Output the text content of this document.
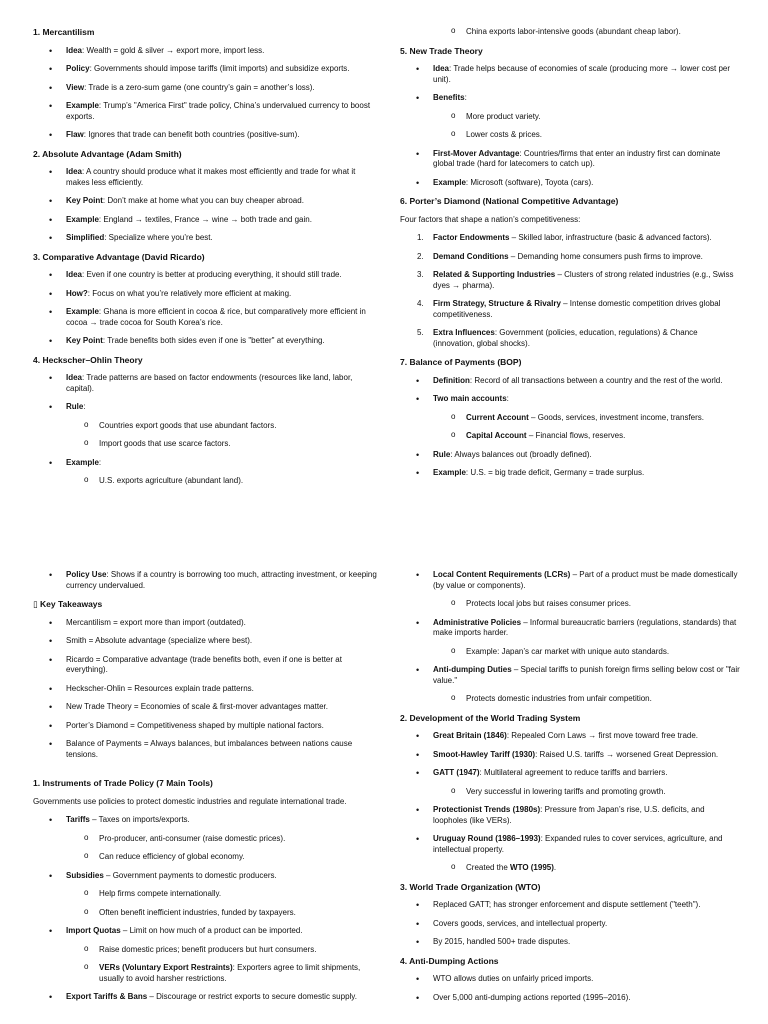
1. Mercantilism
• Idea: Wealth = gold & silver → export more, import less.
• Policy: Governments should impose tariffs (limit imports) and subsidize exports.
• View: Trade is a zero-sum game (one country’s gain = another’s loss).
• Example: Trump’s "America First" trade policy, China’s undervalued currency to boost exports.
• Flaw: Ignores that trade can benefit both countries (positive-sum).
2. Absolute Advantage (Adam Smith)
• Idea: A country should produce what it makes most efficiently and trade for what it makes less efficiently.
• Key Point: Don’t make at home what you can buy cheaper abroad.
• Example: England → textiles, France → wine → both trade and gain.
• Simplified: Specialize where you’re best.
3. Comparative Advantage (David Ricardo)
• Idea: Even if one country is better at producing everything, it should still trade.
• How?: Focus on what you’re relatively more efficient at making.
• Example: Ghana is more efficient in cocoa & rice, but comparatively more efficient in cocoa → trade cocoa for South Korea’s rice.
• Key Point: Trade benefits both sides even if one is "better" at everything.
4. Heckscher–Ohlin Theory
• Idea: Trade patterns are based on factor endowments (resources like land, labor, capital).
• Rule:
o Countries export goods that use abundant factors.
o Import goods that use scarce factors.
• Example:
o U.S. exports agriculture (abundant land).
o China exports labor-intensive goods (abundant cheap labor).
5. New Trade Theory
• Idea: Trade helps because of economies of scale (producing more → lower cost per unit).
• Benefits:
o More product variety.
o Lower costs & prices.
• First-Mover Advantage: Countries/firms that enter an industry first can dominate global trade (hard for latecomers to catch up).
• Example: Microsoft (software), Toyota (cars).
6. Porter’s Diamond (National Competitive Advantage)
Four factors that shape a nation’s competitiveness:
1. Factor Endowments – Skilled labor, infrastructure (basic & advanced factors).
2. Demand Conditions – Demanding home consumers push firms to improve.
3. Related & Supporting Industries – Clusters of strong related industries (e.g., Swiss dyes → pharma).
4. Firm Strategy, Structure & Rivalry – Intense domestic competition drives global competitiveness.
5. Extra Influences: Government (policies, education, regulations) & Chance (innovation, global shocks).
7. Balance of Payments (BOP)
• Definition: Record of all transactions between a country and the rest of the world.
• Two main accounts:
o Current Account – Goods, services, investment income, transfers.
o Capital Account – Financial flows, reserves.
• Rule: Always balances out (broadly defined).
• Example: U.S. = big trade deficit, Germany = trade surplus.
• Policy Use: Shows if a country is borrowing too much, attracting investment, or keeping currency undervalued.
▯ Key Takeaways
• Mercantilism = export more than import (outdated).
• Smith = Absolute advantage (specialize where best).
• Ricardo = Comparative advantage (trade benefits both, even if one is better at everything).
• Heckscher-Ohlin = Resources explain trade patterns.
• New Trade Theory = Economies of scale & first-mover advantages matter.
• Porter’s Diamond = Competitiveness shaped by multiple national factors.
• Balance of Payments = Always balances, but imbalances between nations cause tensions.
1. Instruments of Trade Policy (7 Main Tools)
Governments use policies to protect domestic industries and regulate international trade.
• Tariffs – Taxes on imports/exports.
o Pro-producer, anti-consumer (raise domestic prices).
o Can reduce efficiency of global economy.
• Subsidies – Government payments to domestic producers.
o Help firms compete internationally.
o Often benefit inefficient industries, funded by taxpayers.
• Import Quotas – Limit on how much of a product can be imported.
o Raise domestic prices; benefit producers but hurt consumers.
o VERs (Voluntary Export Restraints): Exporters agree to limit shipments, usually to avoid harsher restrictions.
• Export Tariffs & Bans – Discourage or restrict exports to secure domestic supply.
• Local Content Requirements (LCRs) – Part of a product must be made domestically (by value or components).
o Protects local jobs but raises consumer prices.
• Administrative Policies – Informal bureaucratic barriers (regulations, standards) that make imports harder.
o Example: Japan’s car market with unique auto standards.
• Anti-dumping Duties – Special tariffs to punish foreign firms selling below cost or "fair value."
o Protects domestic industries from unfair competition.
2. Development of the World Trading System
• Great Britain (1846): Repealed Corn Laws → first move toward free trade.
• Smoot-Hawley Tariff (1930): Raised U.S. tariffs → worsened Great Depression.
• GATT (1947): Multilateral agreement to reduce tariffs and barriers.
o Very successful in lowering tariffs and promoting growth.
• Protectionist Trends (1980s): Pressure from Japan’s rise, U.S. deficits, and loopholes (like VERs).
• Uruguay Round (1986–1993): Expanded rules to cover services, agriculture, and intellectual property.
o Created the WTO (1995).
3. World Trade Organization (WTO)
• Replaced GATT; has stronger enforcement and dispute settlement ("teeth").
• Covers goods, services, and intellectual property.
• By 2015, handled 500+ trade disputes.
4. Anti-Dumping Actions
• WTO allows duties on unfairly priced imports.
• Over 5,000 anti-dumping actions reported (1995–2016).
